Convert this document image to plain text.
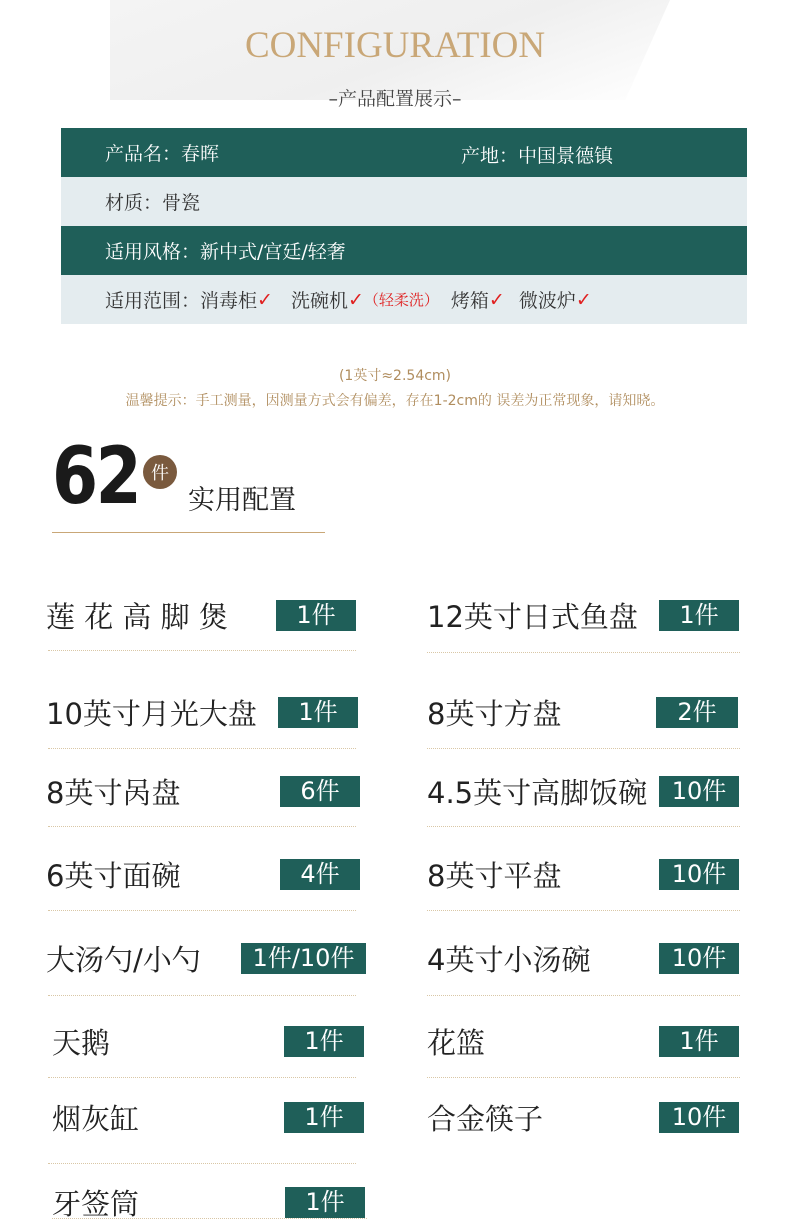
CONFIGURATION
–产品配置展示–
产品名：春晖	产地：中国景德镇
材质：骨瓷
适用风格：新中式/宫廷/轻奢
适用范围： 消毒柜 ✓ 洗碗机 ✓ （轻柔洗） 烤箱 ✓ 微波炉 ✓
(1英寸≈2.54cm)
温馨提示：手工测量，因测量方式会有偏差，存在1-2cm的 误差为正常现象，请知晓。
62 件
实用配置
莲 花 高 脚 煲	1件
10英寸月光大盘	1件
8英寸呙盘	6件
6英寸面碗	4件
大汤勺/小勺	1件/10件
天鹅	1件
烟灰缸	1件
牙签筒	1件
12英寸日式鱼盘	1件
8英寸方盘	2件
4.5英寸高脚饭碗	10件
8英寸平盘	10件
4英寸小汤碗	10件
花篮	1件
合金筷子	10件
